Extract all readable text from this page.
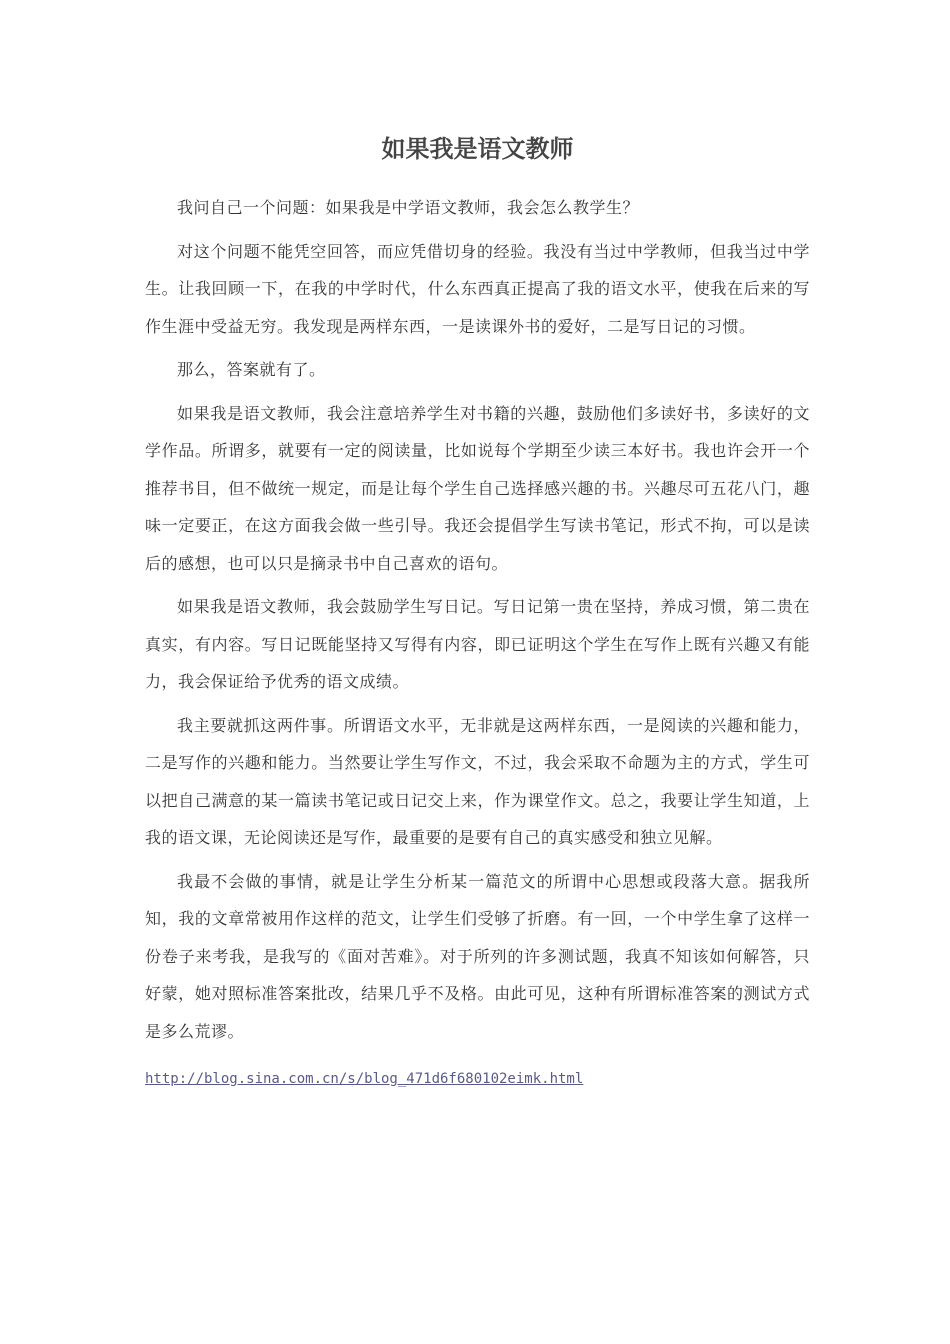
如果我是语文教师

我问自己一个问题：如果我是中学语文教师，我会怎么教学生？

对这个问题不能凭空回答，而应凭借切身的经验。我没有当过中学教师，但我当过中学生。让我回顾一下，在我的中学时代，什么东西真正提高了我的语文水平，使我在后来的写作生涯中受益无穷。我发现是两样东西，一是读课外书的爱好，二是写日记的习惯。

那么，答案就有了。

如果我是语文教师，我会注意培养学生对书籍的兴趣，鼓励他们多读好书，多读好的文学作品。所谓多，就要有一定的阅读量，比如说每个学期至少读三本好书。我也许会开一个推荐书目，但不做统一规定，而是让每个学生自己选择感兴趣的书。兴趣尽可五花八门，趣味一定要正，在这方面我会做一些引导。我还会提倡学生写读书笔记，形式不拘，可以是读后的感想，也可以只是摘录书中自己喜欢的语句。

如果我是语文教师，我会鼓励学生写日记。写日记第一贵在坚持，养成习惯，第二贵在真实，有内容。写日记既能坚持又写得有内容，即已证明这个学生在写作上既有兴趣又有能力，我会保证给予优秀的语文成绩。

我主要就抓这两件事。所谓语文水平，无非就是这两样东西，一是阅读的兴趣和能力，二是写作的兴趣和能力。当然要让学生写作文，不过，我会采取不命题为主的方式，学生可以把自己满意的某一篇读书笔记或日记交上来，作为课堂作文。总之，我要让学生知道，上我的语文课，无论阅读还是写作，最重要的是要有自己的真实感受和独立见解。

我最不会做的事情，就是让学生分析某一篇范文的所谓中心思想或段落大意。据我所知，我的文章常被用作这样的范文，让学生们受够了折磨。有一回，一个中学生拿了这样一份卷子来考我，是我写的《面对苦难》。对于所列的许多测试题，我真不知该如何解答，只好蒙，她对照标准答案批改，结果几乎不及格。由此可见，这种有所谓标准答案的测试方式是多么荒谬。

http://blog.sina.com.cn/s/blog_471d6f680102eimk.html
